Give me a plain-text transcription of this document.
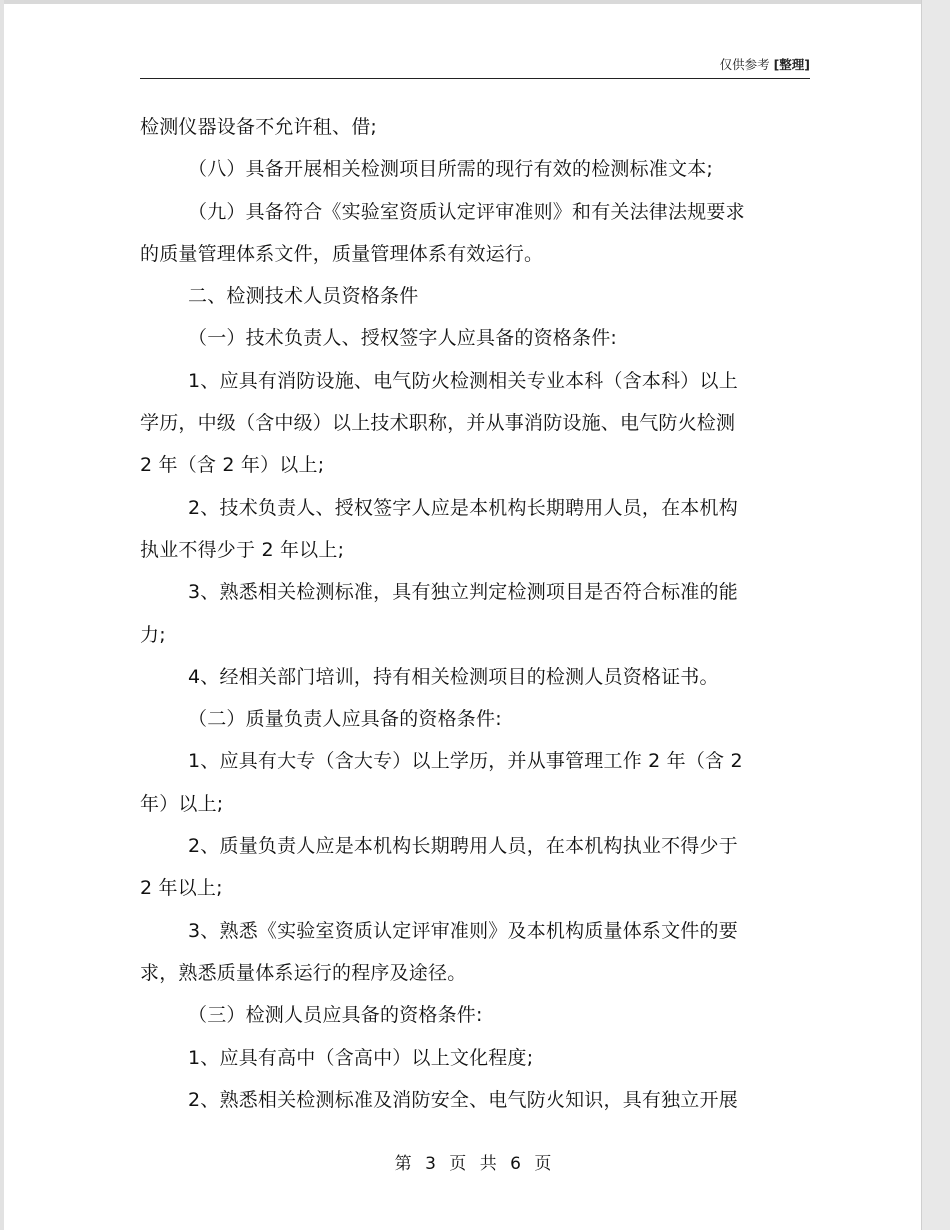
仅供参考 [整理]
检测仪器设备不允许租、借;
（八）具备开展相关检测项目所需的现行有效的检测标准文本;
（九）具备符合《实验室资质认定评审准则》和有关法律法规要求
的质量管理体系文件，质量管理体系有效运行。
二、检测技术人员资格条件
（一）技术负责人、授权签字人应具备的资格条件:
1、应具有消防设施、电气防火检测相关专业本科（含本科）以上
学历，中级（含中级）以上技术职称，并从事消防设施、电气防火检测
2 年（含 2 年）以上;
2、技术负责人、授权签字人应是本机构长期聘用人员，在本机构
执业不得少于 2 年以上;
3、熟悉相关检测标准，具有独立判定检测项目是否符合标准的能
力;
4、经相关部门培训，持有相关检测项目的检测人员资格证书。
（二）质量负责人应具备的资格条件:
1、应具有大专（含大专）以上学历，并从事管理工作 2 年（含 2
年）以上;
2、质量负责人应是本机构长期聘用人员，在本机构执业不得少于
2 年以上;
3、熟悉《实验室资质认定评审准则》及本机构质量体系文件的要
求，熟悉质量体系运行的程序及途径。
（三）检测人员应具备的资格条件:
1、应具有高中（含高中）以上文化程度;
2、熟悉相关检测标准及消防安全、电气防火知识，具有独立开展
第 3 页 共 6 页
